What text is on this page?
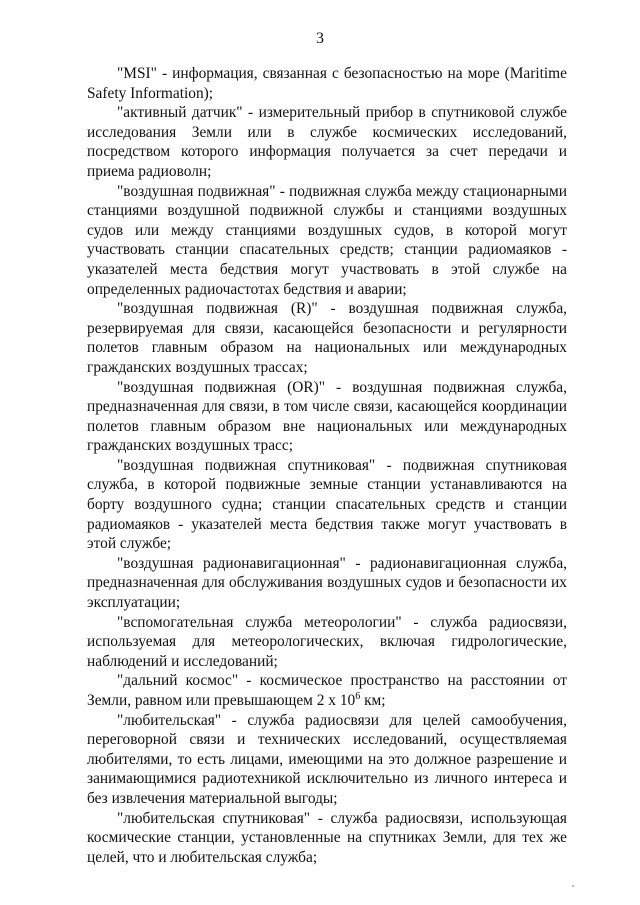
3

"MSI" - информация, связанная с безопасностью на море (Maritime Safety Information);

"активный датчик" - измерительный прибор в спутниковой службе исследования Земли или в службе космических исследований, посредством которого информация получается за счет передачи и приема радиоволн;

"воздушная подвижная" - подвижная служба между стационарными станциями воздушной подвижной службы и станциями воздушных судов или между станциями воздушных судов, в которой могут участвовать станции спасательных средств; станции радиомаяков - указателей места бедствия могут участвовать в этой службе на определенных радиочастотах бедствия и аварии;

"воздушная подвижная (R)" - воздушная подвижная служба, резервируемая для связи, касающейся безопасности и регулярности полетов главным образом на национальных или международных гражданских воздушных трассах;

"воздушная подвижная (OR)" - воздушная подвижная служба, предназначенная для связи, в том числе связи, касающейся координации полетов главным образом вне национальных или международных гражданских воздушных трасс;

"воздушная подвижная спутниковая" - подвижная спутниковая служба, в которой подвижные земные станции устанавливаются на борту воздушного судна; станции спасательных средств и станции радиомаяков - указателей места бедствия также могут участвовать в этой службе;

"воздушная радионавигационная" - радионавигационная служба, предназначенная для обслуживания воздушных судов и безопасности их эксплуатации;

"вспомогательная служба метеорологии" - служба радиосвязи, используемая для метеорологических, включая гидрологические, наблюдений и исследований;

"дальний космос" - космическое пространство на расстоянии от Земли, равном или превышающем 2 x $10^6$ км;

"любительская" - служба радиосвязи для целей самообучения, переговорной связи и технических исследований, осуществляемая любителями, то есть лицами, имеющими на это должное разрешение и занимающимися радиотехникой исключительно из личного интереса и без извлечения материальной выгоды;

"любительская спутниковая" - служба радиосвязи, использующая космические станции, установленные на спутниках Земли, для тех же целей, что и любительская служба;
